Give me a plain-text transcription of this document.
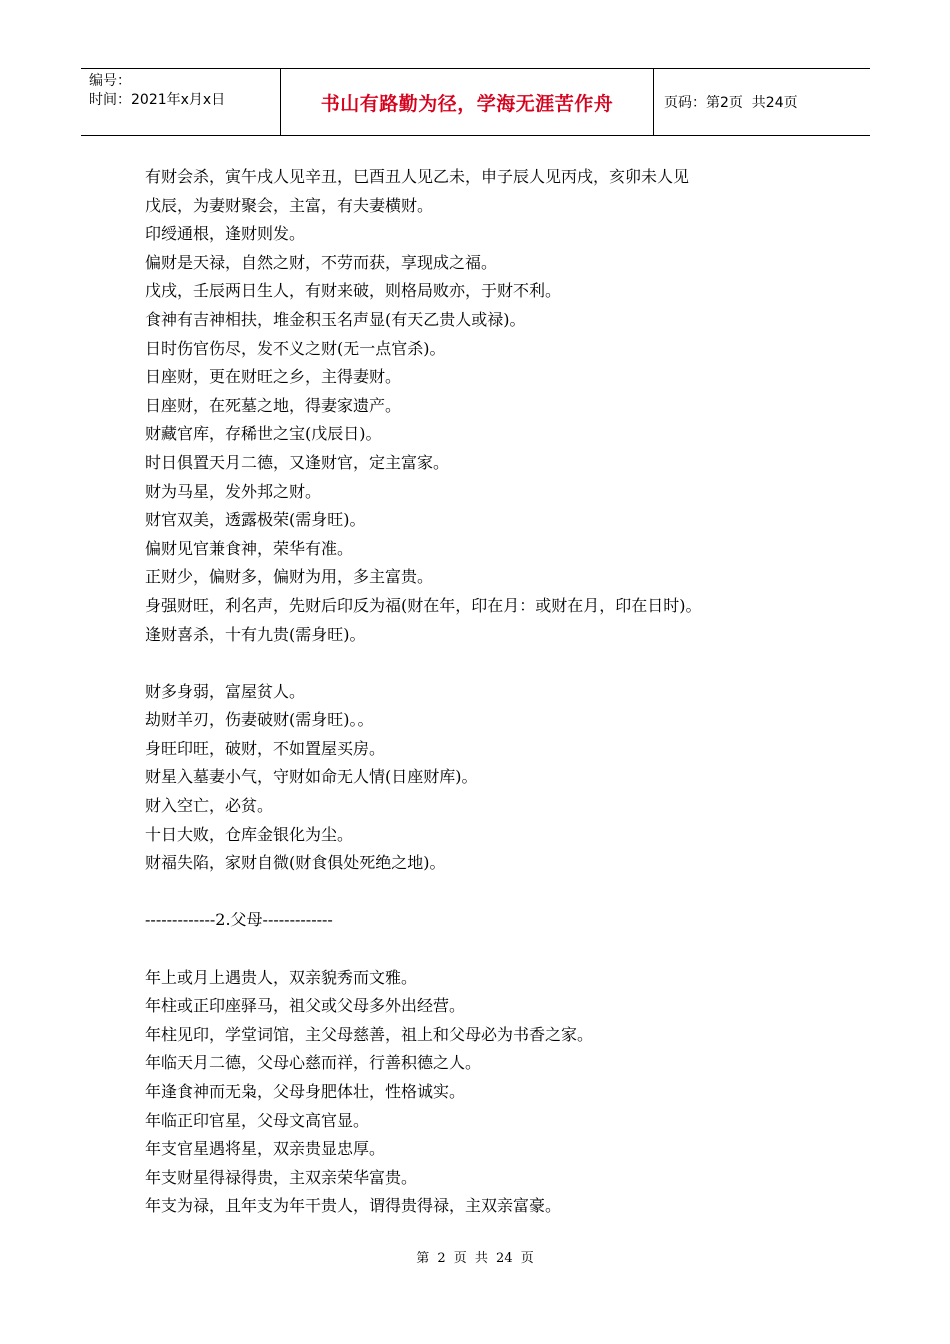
编号：
时间：2021年x月x日	书山有路勤为径，学海无涯苦作舟	页码：第2页  共24页
有财会杀，寅午戌人见辛丑，巳酉丑人见乙未，申子辰人见丙戌，亥卯未人见
戊辰，为妻财聚会，主富，有夫妻横财。
印绶通根，逢财则发。
偏财是天禄，自然之财，不劳而获，享现成之福。
戊戌，壬辰两日生人，有财来破，则格局败亦，于财不利。
食神有吉神相扶，堆金积玉名声显(有天乙贵人或禄)。
日时伤官伤尽，发不义之财(无一点官杀)。
日座财，更在财旺之乡，主得妻财。
日座财，在死墓之地，得妻家遗产。
财藏官库，存稀世之宝(戊辰日)。
时日俱置天月二德，又逢财官，定主富家。
财为马星，发外邦之财。
财官双美，透露极荣(需身旺)。
偏财见官兼食神，荣华有准。
正财少，偏财多，偏财为用，多主富贵。
身强财旺，利名声，先财后印反为福(财在年，印在月：或财在月，印在日时)。
逢财喜杀，十有九贵(需身旺)。
财多身弱，富屋贫人。
劫财羊刃，伤妻破财(需身旺)。。
身旺印旺，破财，不如置屋买房。
财星入墓妻小气，守财如命无人情(日座财库)。
财入空亡，必贫。
十日大败，仓库金银化为尘。
财福失陷，家财自微(财食俱处死绝之地)。
-------------2.父母-------------
年上或月上遇贵人，双亲貌秀而文雅。
年柱或正印座驿马，祖父或父母多外出经营。
年柱见印，学堂词馆，主父母慈善，祖上和父母必为书香之家。
年临天月二德，父母心慈而祥，行善积德之人。
年逢食神而无枭，父母身肥体壮，性格诚实。
年临正印官星，父母文高官显。
年支官星遇将星，双亲贵显忠厚。
年支财星得禄得贵，主双亲荣华富贵。
年支为禄，且年支为年干贵人，谓得贵得禄，主双亲富豪。
第 2 页 共 24 页
